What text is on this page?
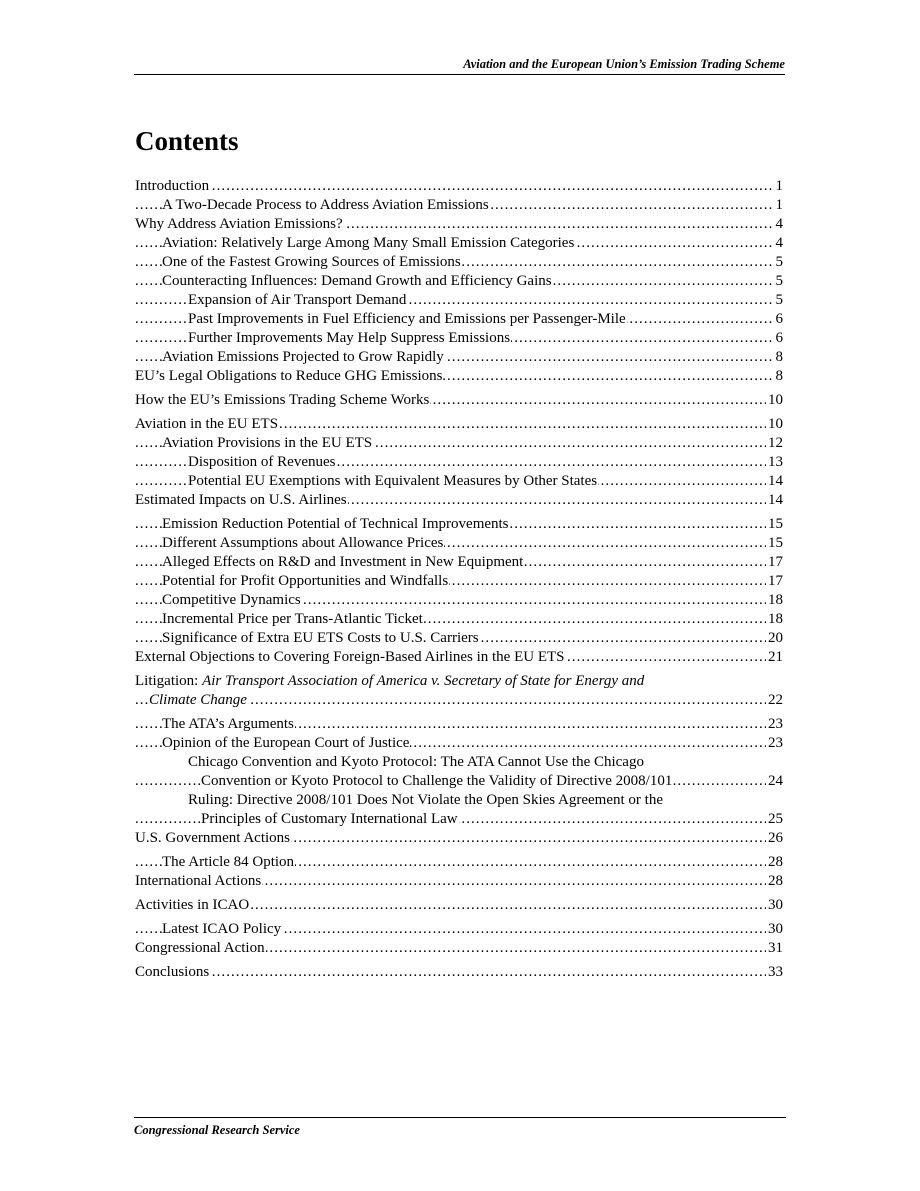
Aviation and the European Union’s Emission Trading Scheme
Contents
Introduction	1
. . .
A Two-Decade Process to Address Aviation Emissions	1
. . .
Why Address Aviation Emissions?	4
. . .
Aviation: Relatively Large Among Many Small Emission Categories	4
. . .
One of the Fastest Growing Sources of Emissions	5
. . .
Counteracting Influences: Demand Growth and Efficiency Gains	5
. . .
Expansion of Air Transport Demand	5
. . .
Past Improvements in Fuel Efficiency and Emissions per Passenger-Mile	6
. . .
Further Improvements May Help Suppress Emissions	6
. . .
Aviation Emissions Projected to Grow Rapidly	8
. . .
EU’s Legal Obligations to Reduce GHG Emissions	8
. . .
How the EU’s Emissions Trading Scheme Works	10
. . .
Aviation in the EU ETS	10
. . .
Aviation Provisions in the EU ETS	12
. . .
Disposition of Revenues	13
. . .
Potential EU Exemptions with Equivalent Measures by Other States	14
. . .
Estimated Impacts on U.S. Airlines	14
. . .
Emission Reduction Potential of Technical Improvements	15
. . .
Different Assumptions about Allowance Prices	15
. . .
Alleged Effects on R&D and Investment in New Equipment	17
. . .
Potential for Profit Opportunities and Windfalls	17
. . .
Competitive Dynamics	18
. . .
Incremental Price per Trans-Atlantic Ticket	18
. . .
Significance of Extra EU ETS Costs to U.S. Carriers	20
. . .
External Objections to Covering Foreign-Based Airlines in the EU ETS	21
. . .
Litigation: Air Transport Association of America v. Secretary of State for Energy and
Climate Change	22
. . .
The ATA’s Arguments	23
. . .
Opinion of the European Court of Justice	23
. . .
Chicago Convention and Kyoto Protocol: The ATA Cannot Use the Chicago
Convention or Kyoto Protocol to Challenge the Validity of Directive 2008/101	24
. . .
Ruling: Directive 2008/101 Does Not Violate the Open Skies Agreement or the
Principles of Customary International Law	25
. . .
U.S. Government Actions	26
. . .
The Article 84 Option	28
. . .
International Actions	28
. . .
Activities in ICAO	30
. . .
Latest ICAO Policy	30
. . .
Congressional Action	31
. . .
Conclusions	33
. . .
Congressional Research Service
